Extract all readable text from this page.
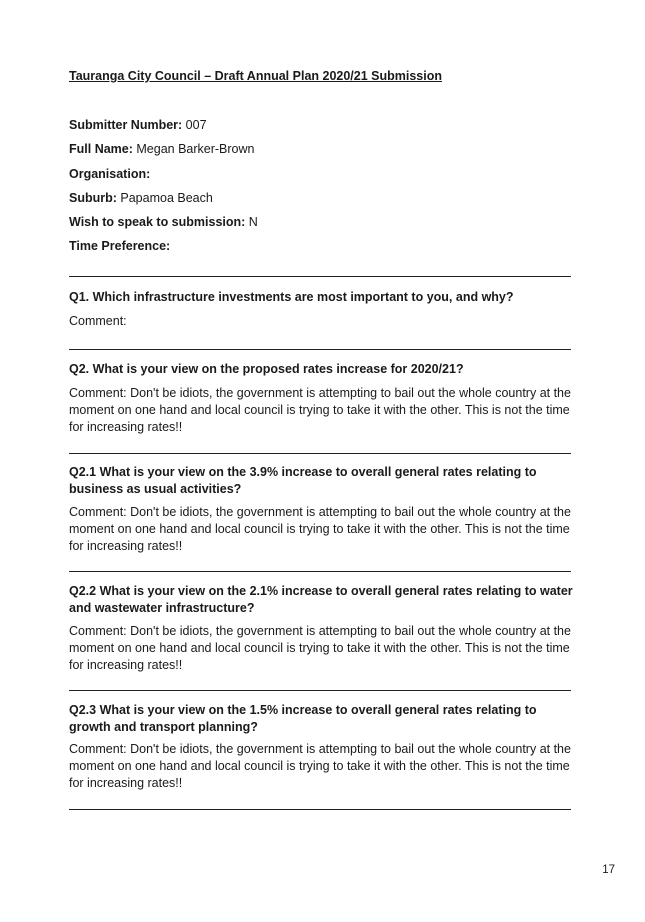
Tauranga City Council – Draft Annual Plan 2020/21 Submission
Submitter Number: 007
Full Name: Megan Barker-Brown
Organisation:
Suburb: Papamoa Beach
Wish to speak to submission: N
Time Preference:
Q1. Which infrastructure investments are most important to you, and why?
Comment:
Q2. What is your view on the proposed rates increase for 2020/21?
Comment: Don't be idiots, the government is attempting to bail out the whole country at the moment on one hand and local council is trying to take it with the other. This is not the time for increasing rates!!
Q2.1 What is your view on the 3.9% increase to overall general rates relating to business as usual activities?
Comment: Don't be idiots, the government is attempting to bail out the whole country at the moment on one hand and local council is trying to take it with the other. This is not the time for increasing rates!!
Q2.2 What is your view on the 2.1% increase to overall general rates relating to water and wastewater infrastructure?
Comment: Don't be idiots, the government is attempting to bail out the whole country at the moment on one hand and local council is trying to take it with the other. This is not the time for increasing rates!!
Q2.3 What is your view on the 1.5% increase to overall general rates relating to growth and transport planning?
Comment: Don't be idiots, the government is attempting to bail out the whole country at the moment on one hand and local council is trying to take it with the other. This is not the time for increasing rates!!
17
